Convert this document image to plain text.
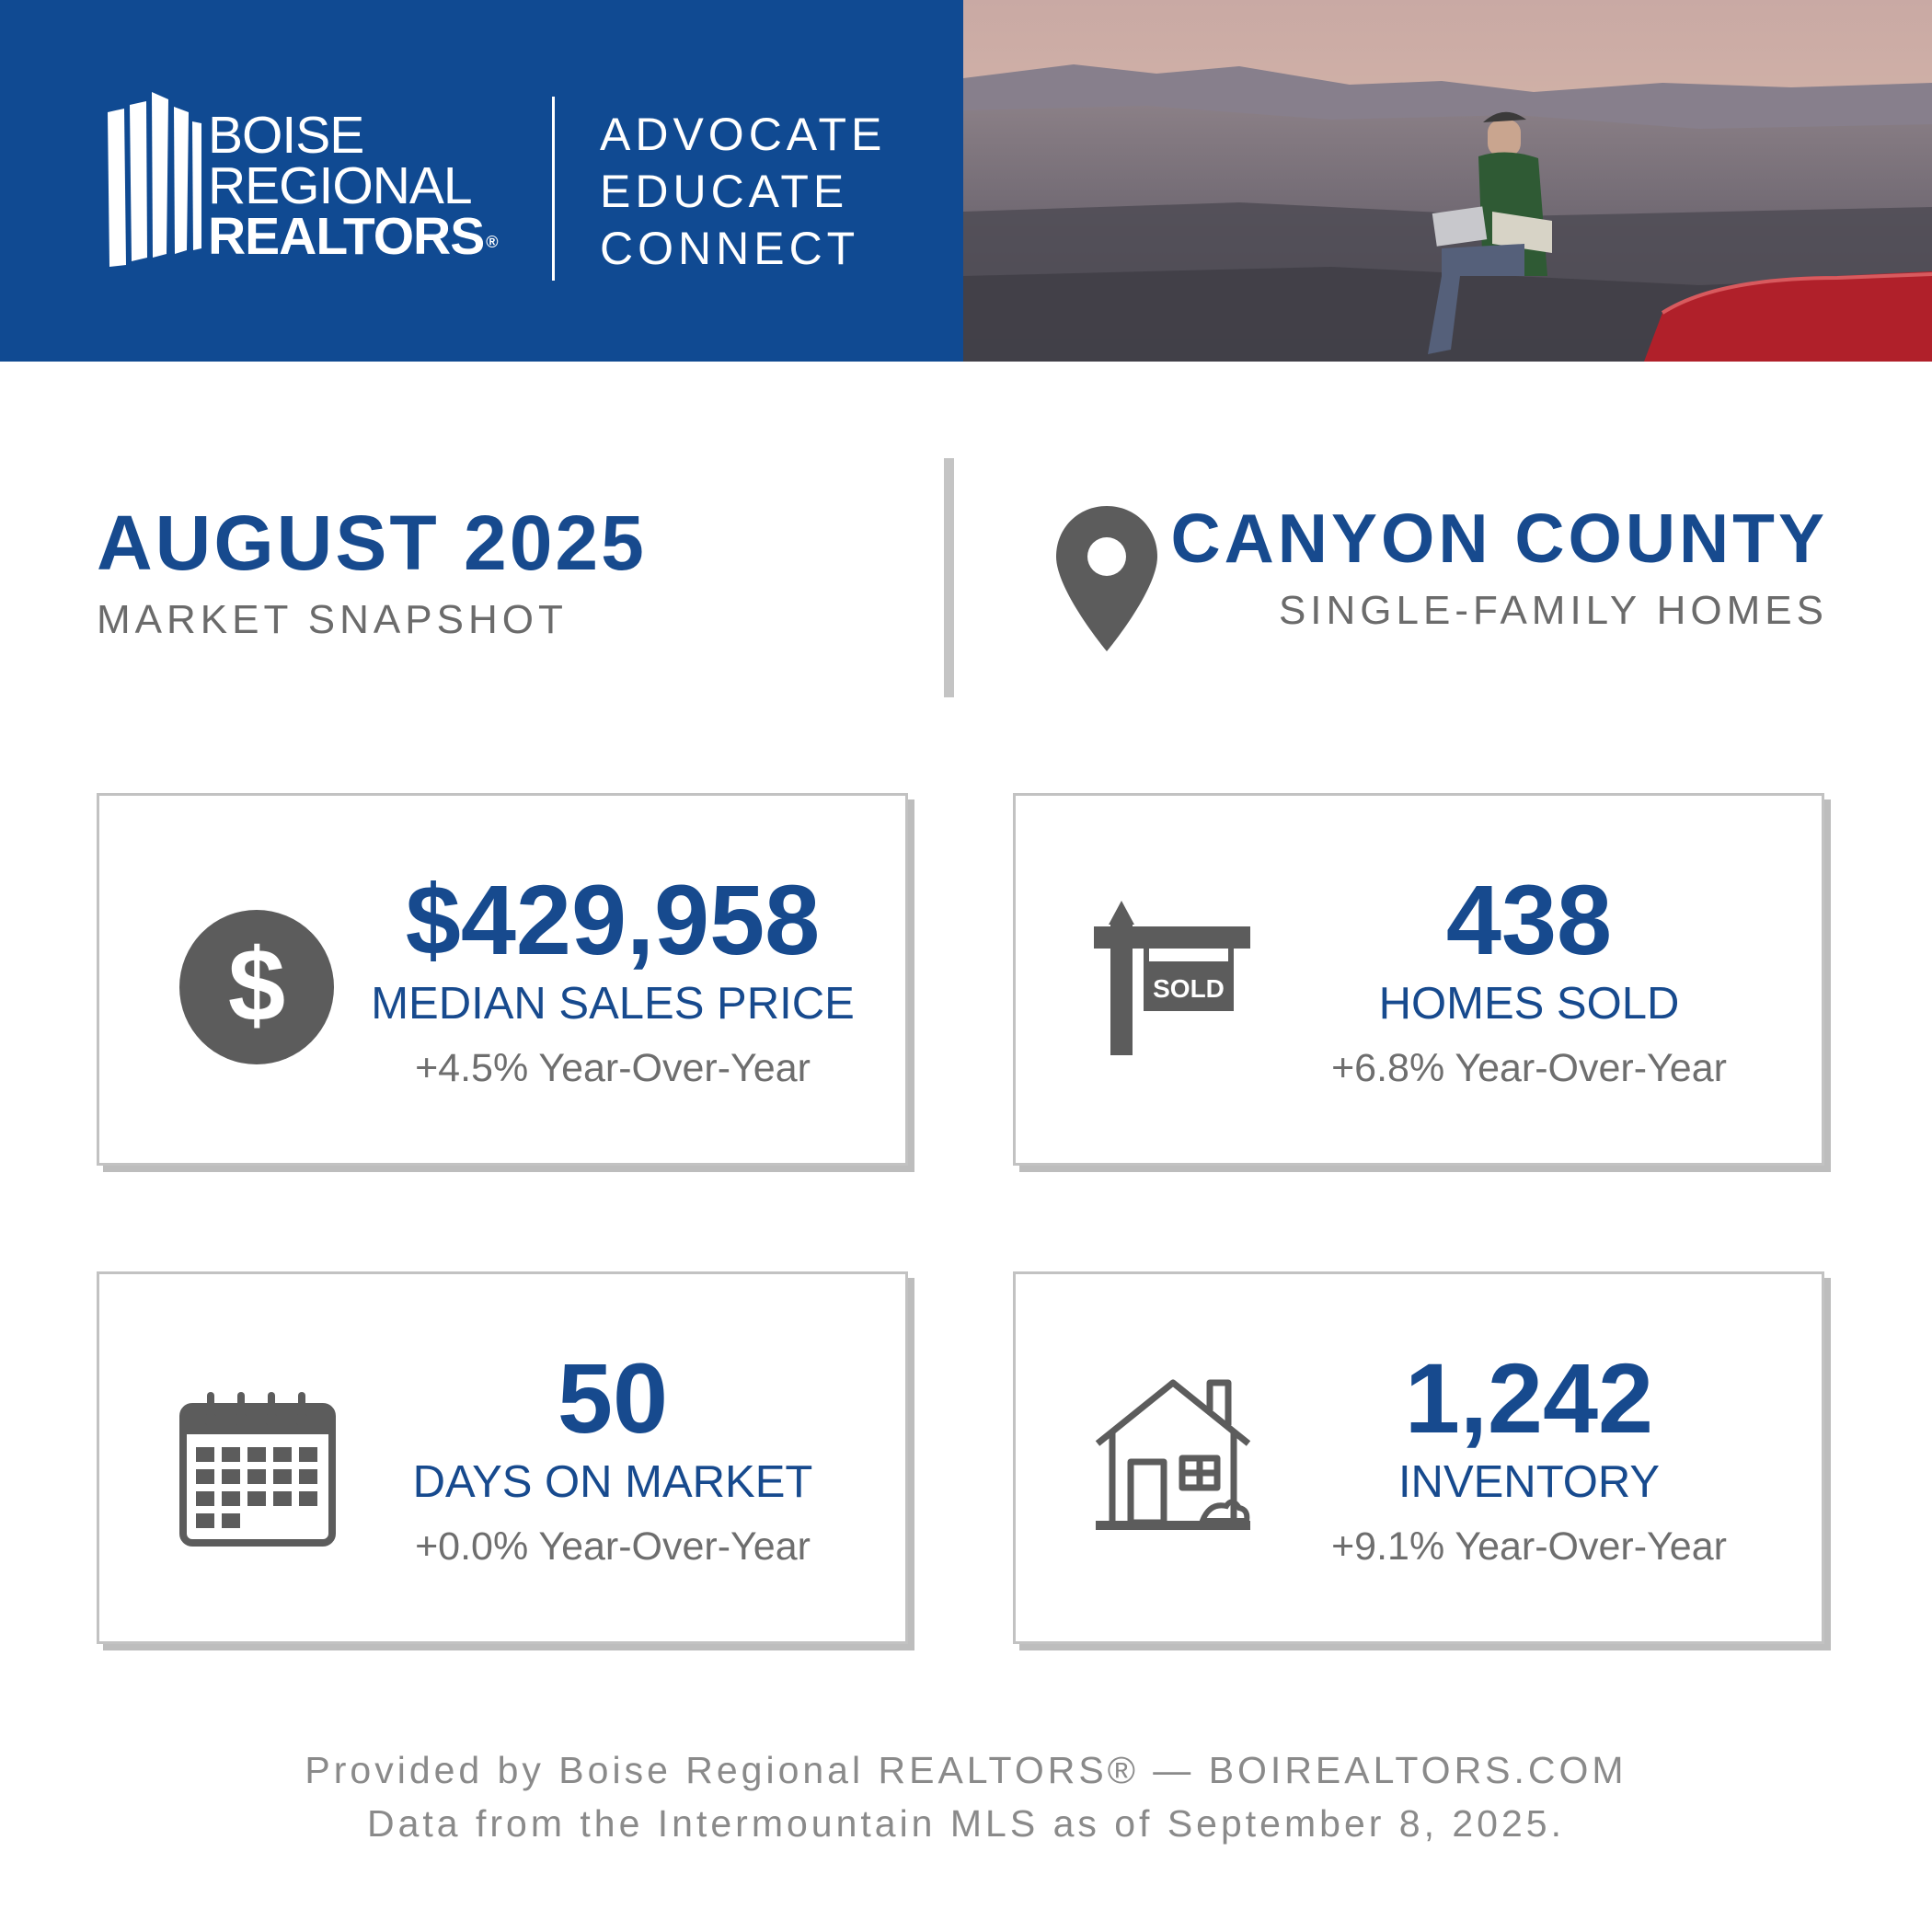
BOISE
REGIONAL
REALTORS ®
ADVOCATE
EDUCATE
CONNECT
AUGUST 2025
MARKET SNAPSHOT
CANYON COUNTY
SINGLE-FAMILY HOMES
$
$429,958
MEDIAN SALES PRICE
+4.5% Year-Over-Year
SOLD
438
HOMES SOLD
+6.8% Year-Over-Year
50
DAYS ON MARKET
+0.0% Year-Over-Year
1,242
INVENTORY
+9.1% Year-Over-Year
Provided by Boise Regional REALTORS® — BOIREALTORS.COM
Data from the Intermountain MLS as of September 8, 2025.
